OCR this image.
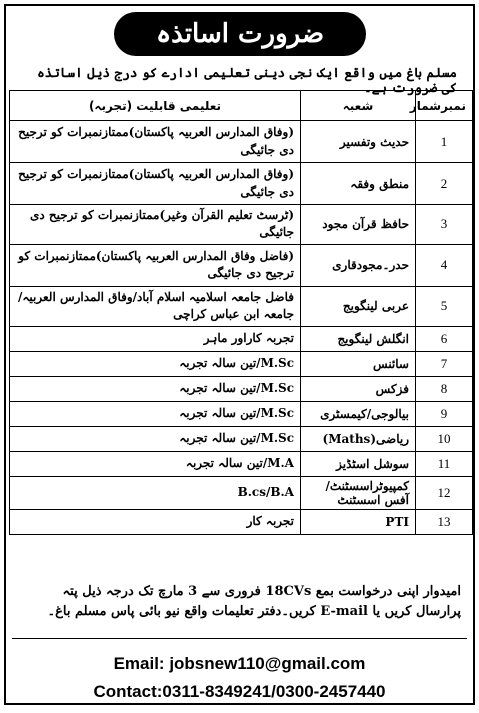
ضرورت اساتذہ
مسلم باغ میں واقع ایک نجی دینی تعلیمی ادارے کو درج ذیل اساتذہ کی ضرورت ہے۔
نمبرشمار	شعبہ	تعلیمی قابلیت (تجربہ)
1	حدیث وتفسیر	(وفاق المدارس العربیہ پاکستان)ممتازنمبرات کو ترجیح دی جائیگی
2	منطق وفقہ	(وفاق المدارس العربیہ پاکستان)ممتازنمبرات کو ترجیح دی جائیگی
3	حافظ قرآن مجود	(ٹرسٹ تعلیم القرآن وغیر)ممتازنمبرات کو ترجیح دی جائیگی
4	حدر۔مجودقاری	(فاضل وفاق المدارس العربیہ پاکستان)ممتازنمبرات کو ترجیح دی جائیگی
5	عربی لینگویج	فاضل جامعہ اسلامیہ اسلام آباد/وفاق المدارس العربیہ/جامعہ ابن عباس کراچی
6	انگلش لینگویج	تجربہ کاراور ماہر
7	سائنس	M.Sc/تین سالہ تجربہ
8	فزکس	M.Sc/تین سالہ تجربہ
9	بیالوجی/کیمسٹری	M.Sc/تین سالہ تجربہ
10	ریاضی(Maths)	M.Sc/تین سالہ تجربہ
11	سوشل اسٹڈیز	M.A/تین سالہ تجربہ
12	کمپیوٹراسسٹنٹ/آفس اسسٹنٹ	B.cs/B.A
13	PTI	تجربہ کار
امیدوار اپنی درخواست بمع 18CVs فروری سے 3 مارچ تک درجہ ذیل پتہ پرارسال کریں یا E-mail کریں۔دفتر تعلیمات واقع نیو بائی پاس مسلم باغ۔
Email: jobsnew110@gmail.com
Contact:0311-8349241/0300-2457440
